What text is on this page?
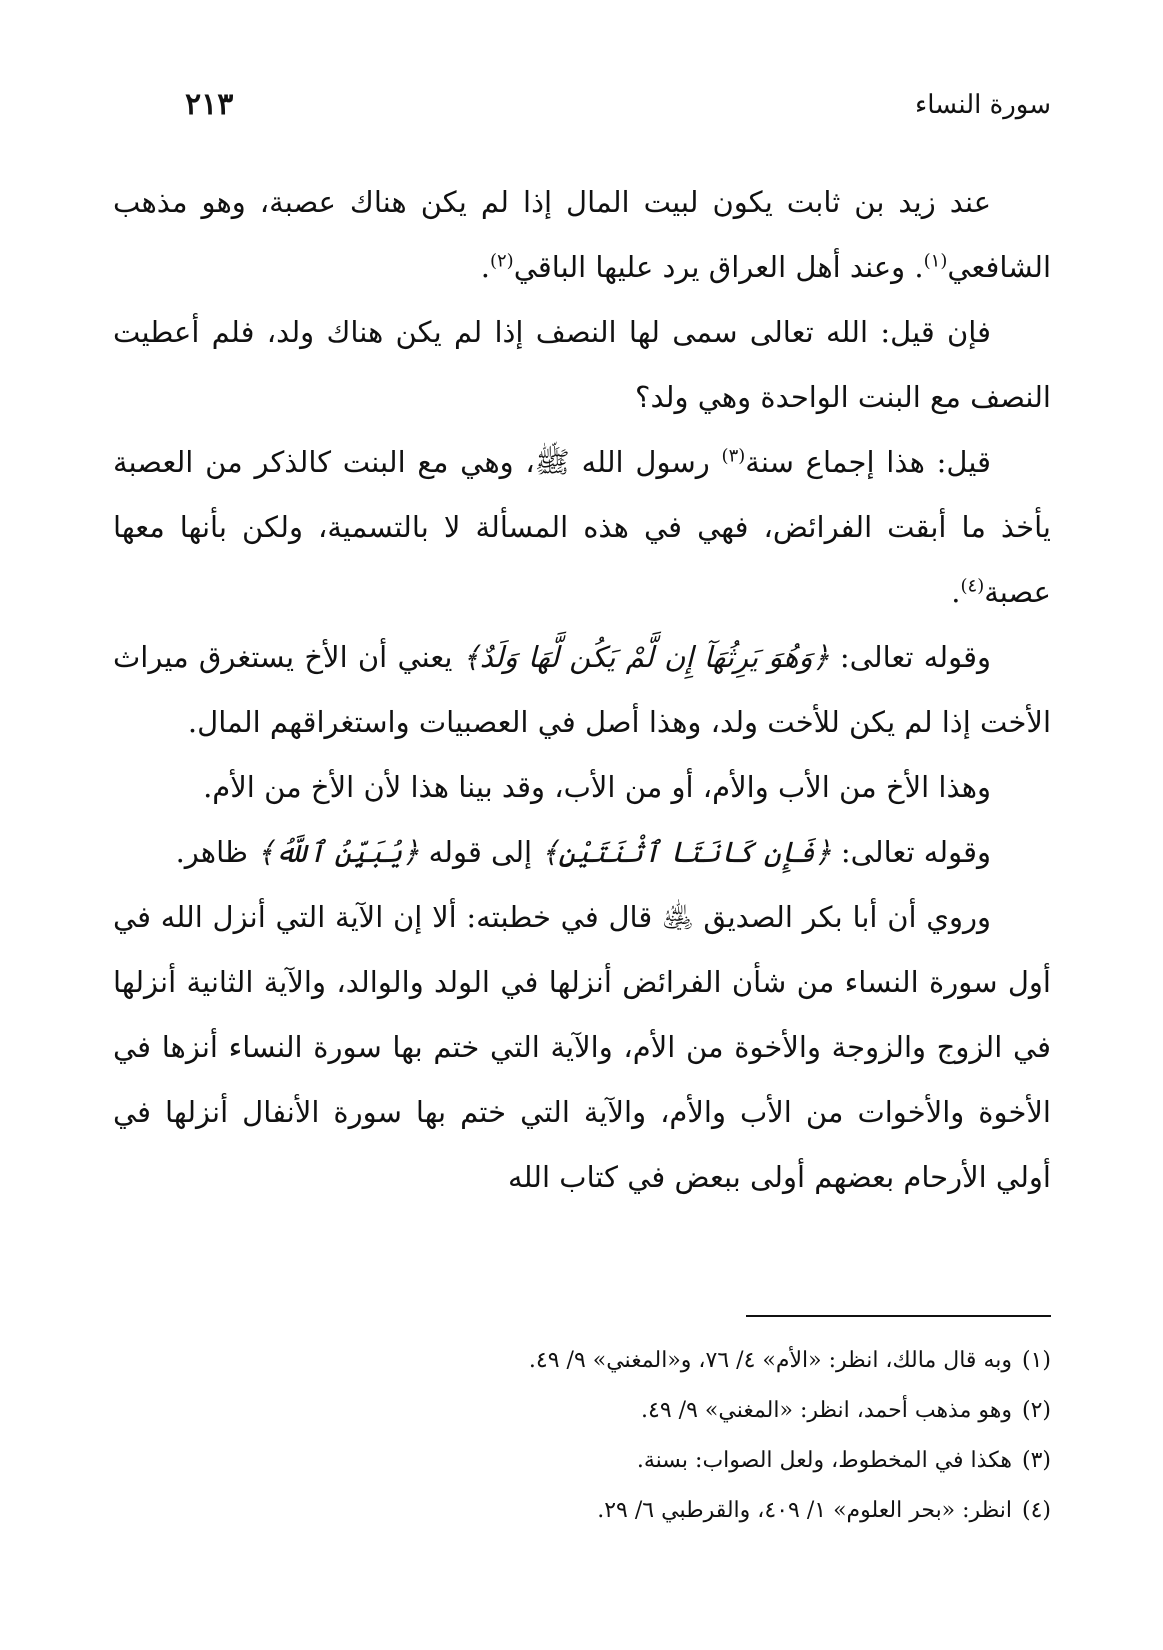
سورة النساء
٢١٣

عند زيد بن ثابت يكون لبيت المال إذا لم يكن هناك عصبة، وهو مذهب الشافعي$^{(١)}$. وعند أهل العراق يرد عليها الباقي$^{(٢)}$.

فإن قيل: الله تعالى سمى لها النصف إذا لم يكن هناك ولد، فلم أعطيت النصف مع البنت الواحدة وهي ولد؟

قيل: هذا إجماع سنة$^{(٣)}$ رسول الله ﷺ، وهي مع البنت كالذكر من العصبة يأخذ ما أبقت الفرائض، فهي في هذه المسألة لا بالتسمية، ولكن بأنها معها عصبة$^{(٤)}$.

وقوله تعالى: ﴿وَهُوَ يَرِثُهَآ إِن لَّمْ يَكُن لَّهَا وَلَدٌ﴾ يعني أن الأخ يستغرق ميراث الأخت إذا لم يكن للأخت ولد، وهذا أصل في العصبيات واستغراقهم المال.

وهذا الأخ من الأب والأم، أو من الأب، وقد بينا هذا لأن الأخ من الأم.

وقوله تعالى: ﴿فَإِن كَانَتَا ٱثْنَتَيْنِ﴾ إلى قوله ﴿يُبَيِّنُ ٱللَّهُ﴾ ظاهر.

وروي أن أبا بكر الصديق ﵁ قال في خطبته: ألا إن الآية التي أنزل الله في أول سورة النساء من شأن الفرائض أنزلها في الولد والوالد، والآية الثانية أنزلها في الزوج والزوجة والأخوة من الأم، والآية التي ختم بها سورة النساء أنزها في الأخوة والأخوات من الأب والأم، والآية التي ختم بها سورة الأنفال أنزلها في أولي الأرحام بعضهم أولى ببعض في كتاب الله

(١)وبه قال مالك، انظر: «الأم» ٤/ ٧٦، و«المغني» ٩/ ٤٩.
(٢)وهو مذهب أحمد، انظر: «المغني» ٩/ ٤٩.
(٣)هكذا في المخطوط، ولعل الصواب: بسنة.
(٤)انظر: «بحر العلوم» ١/ ٤٠٩، والقرطبي ٦/ ٢٩.
